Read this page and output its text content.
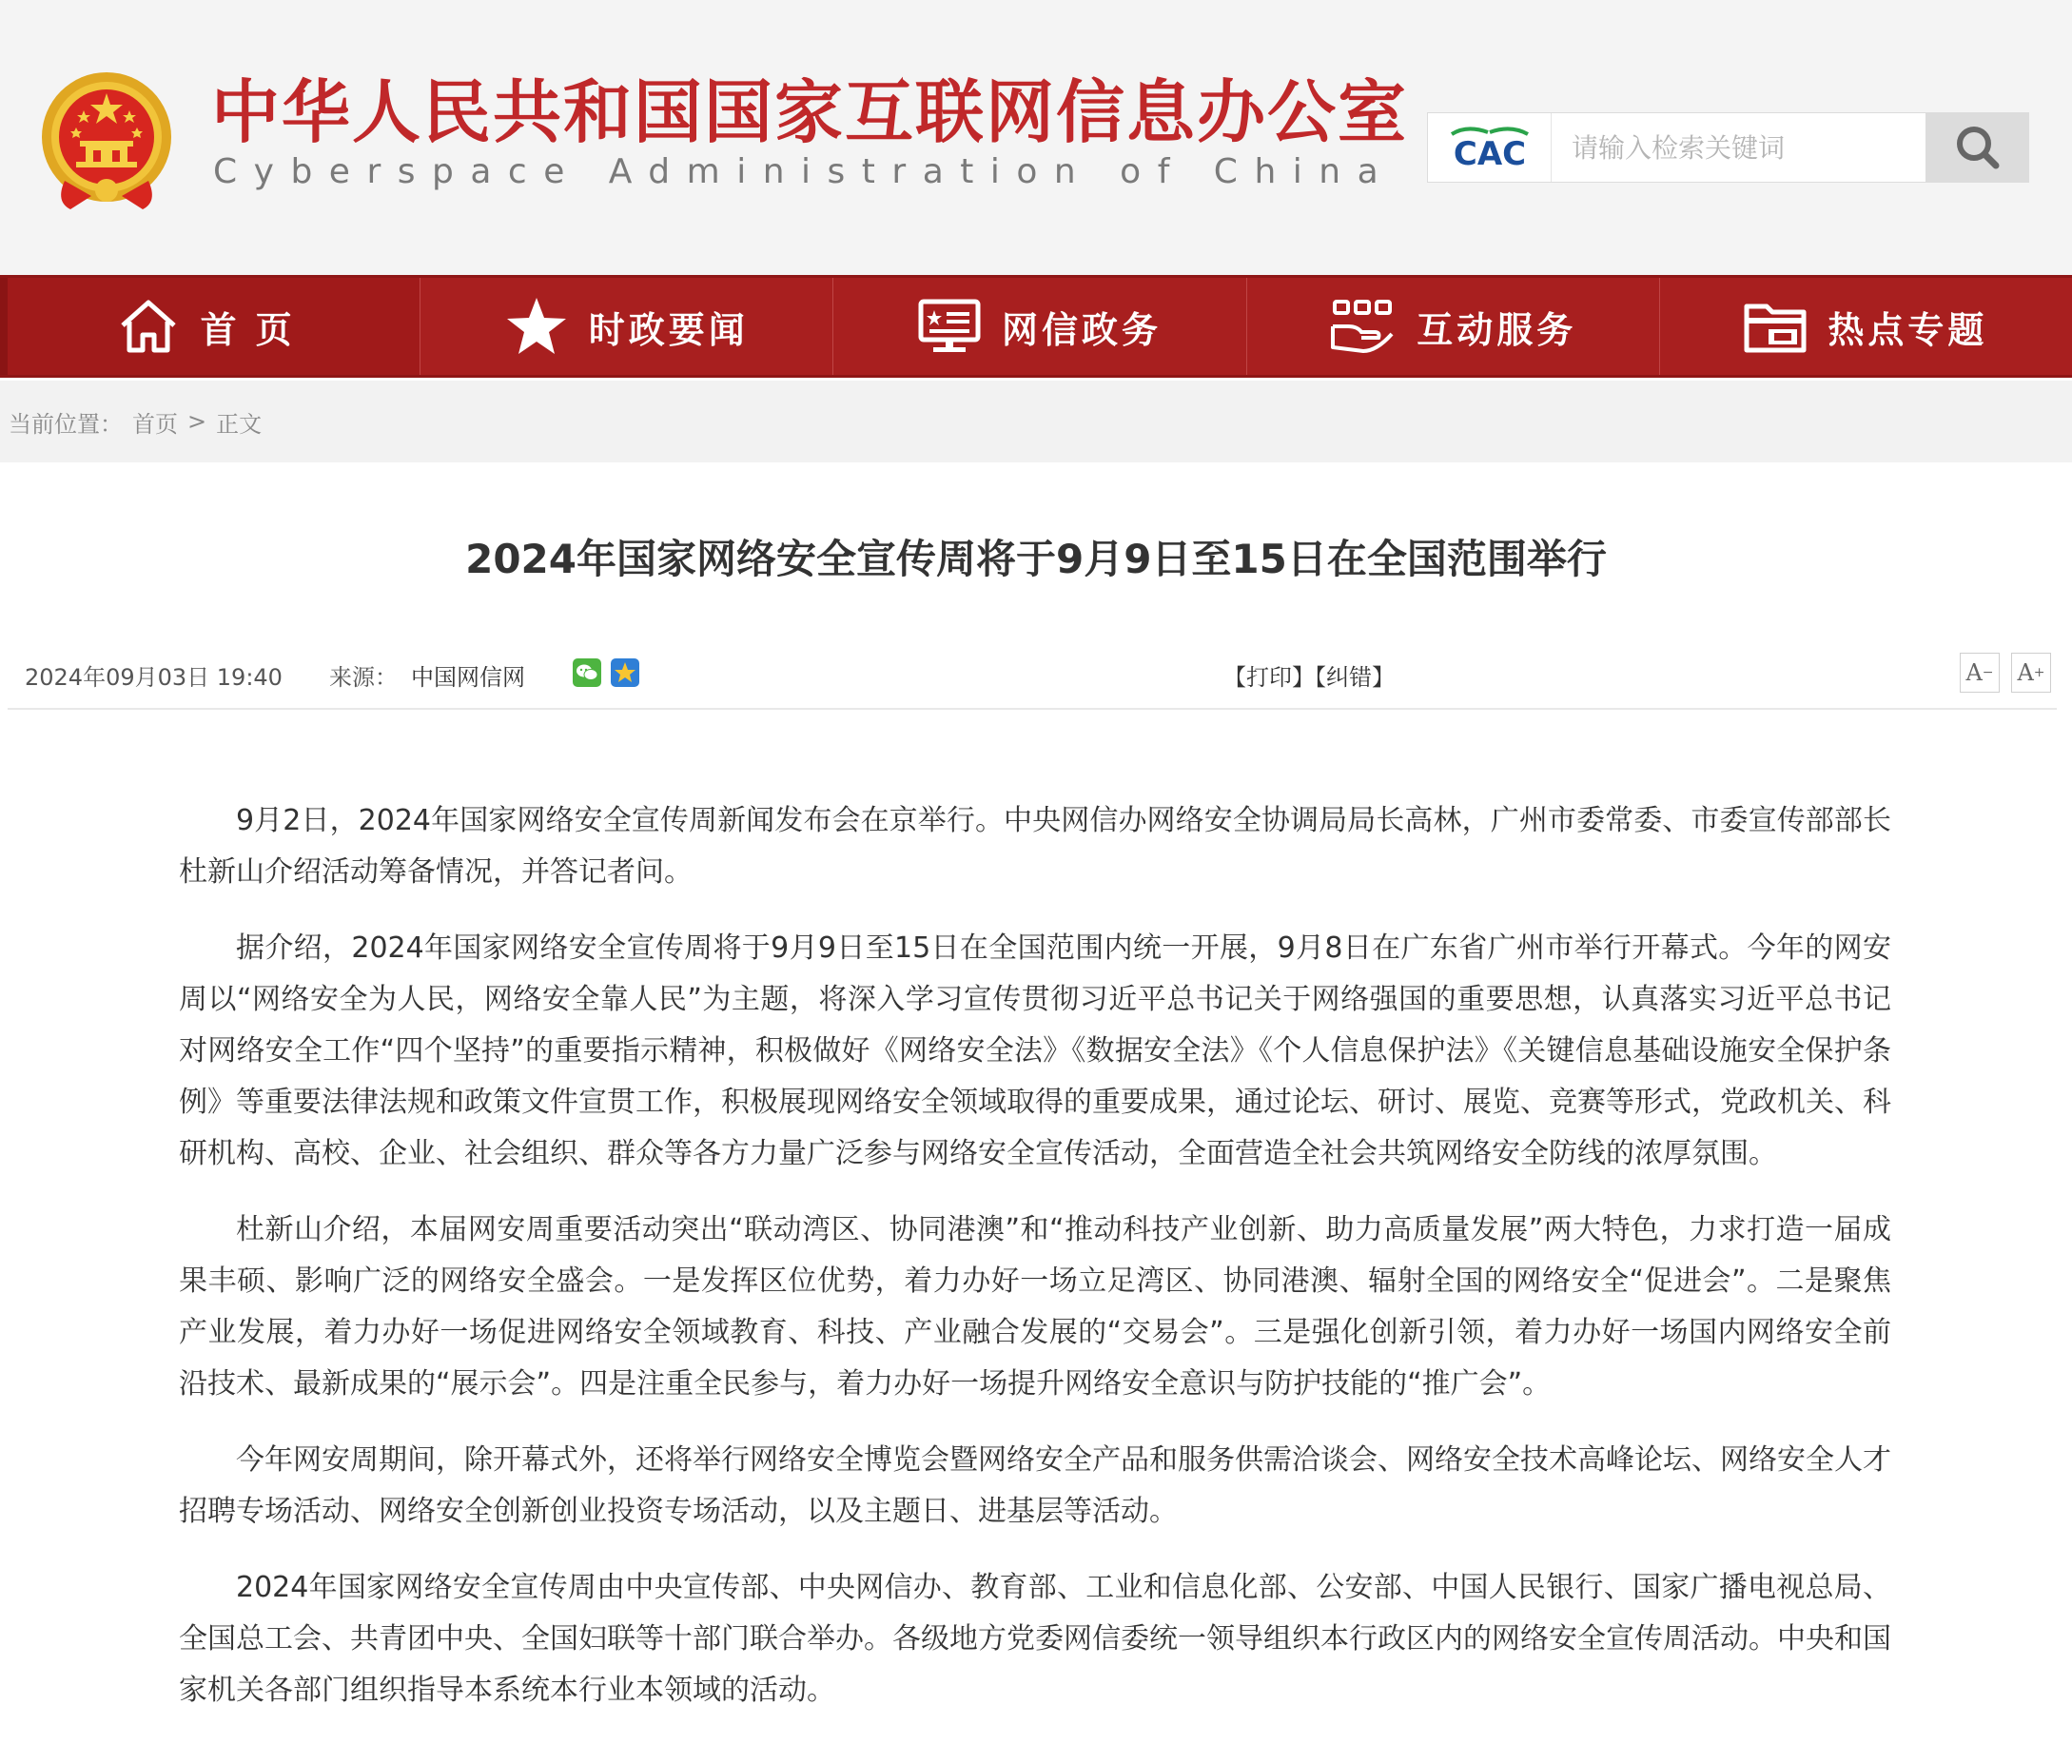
中华人民共和国国家互联网信息办公室
Cyberspace Administration of China CAC
请输入检索关键词
首页	时政要闻	网信政务	互动服务	热点专题
当前位置： 首页 > 正文
2024年国家网络安全宣传周将于9月9日至15日在全国范围举行
2024年09月03日 19:40 来源： 中国网信网	【打印】【纠错】	A − A +

9月2日，2024年国家网络安全宣传周新闻发布会在京举行。中央网信办网络安全协调局局长高林，广州市委常委、市委宣传部部长杜新山介绍活动筹备情况，并答记者问。

据介绍，2024年国家网络安全宣传周将于9月9日至15日在全国范围内统一开展，9月8日在广东省广州市举行开幕式。今年的网安周以“网络安全为人民，网络安全靠人民”为主题，将深入学习宣传贯彻习近平总书记关于网络强国的重要思想，认真落实习近平总书记对网络安全工作“四个坚持”的重要指示精神，积极做好《网络安全法》《数据安全法》《个人信息保护法》《关键信息基础设施安全保护条例》等重要法律法规和政策文件宣贯工作，积极展现网络安全领域取得的重要成果，通过论坛、研讨、展览、竞赛等形式，党政机关、科研机构、高校、企业、社会组织、群众等各方力量广泛参与网络安全宣传活动，全面营造全社会共筑网络安全防线的浓厚氛围。

杜新山介绍，本届网安周重要活动突出“联动湾区、协同港澳”和“推动科技产业创新、助力高质量发展”两大特色，力求打造一届成果丰硕、影响广泛的网络安全盛会。一是发挥区位优势，着力办好一场立足湾区、协同港澳、辐射全国的网络安全“促进会”。二是聚焦产业发展，着力办好一场促进网络安全领域教育、科技、产业融合发展的“交易会”。三是强化创新引领，着力办好一场国内网络安全前沿技术、最新成果的“展示会”。四是注重全民参与，着力办好一场提升网络安全意识与防护技能的“推广会”。

今年网安周期间，除开幕式外，还将举行网络安全博览会暨网络安全产品和服务供需洽谈会、网络安全技术高峰论坛、网络安全人才招聘专场活动、网络安全创新创业投资专场活动，以及主题日、进基层等活动。

2024年国家网络安全宣传周由中央宣传部、中央网信办、教育部、工业和信息化部、公安部、中国人民银行、国家广播电视总局、全国总工会、共青团中央、全国妇联等十部门联合举办。各级地方党委网信委统一领导组织本行政区内的网络安全宣传周活动。中央和国家机关各部门组织指导本系统本行业本领域的活动。
